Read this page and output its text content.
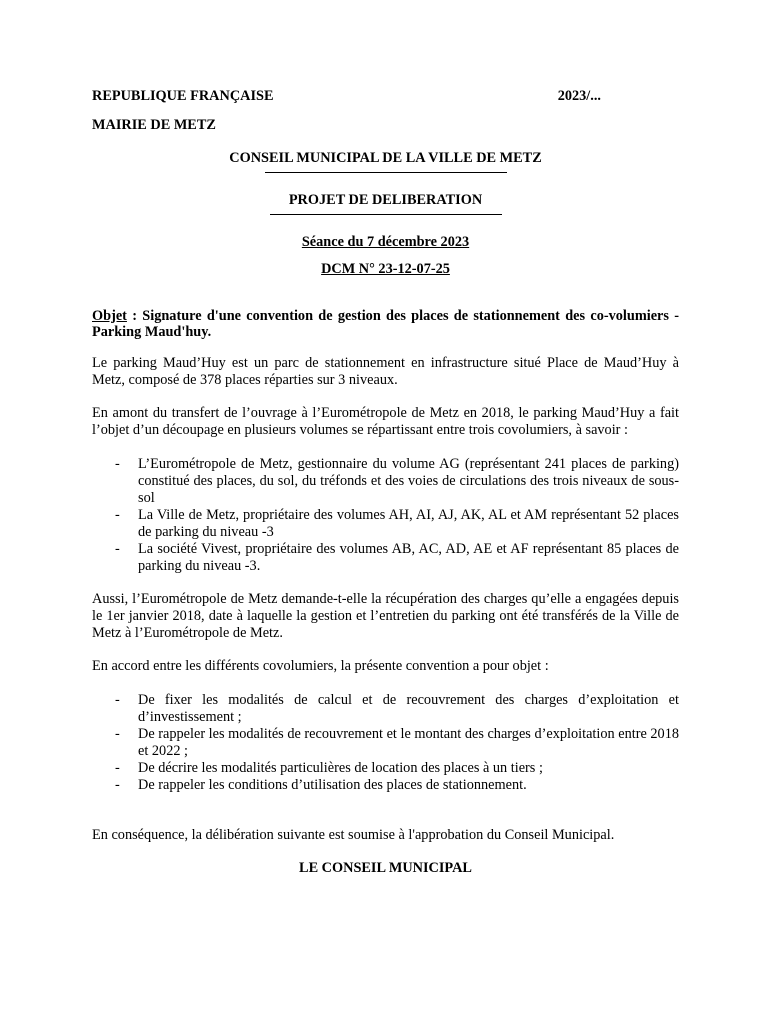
REPUBLIQUE FRANÇAISE	2023/...
MAIRIE DE METZ
CONSEIL MUNICIPAL DE LA VILLE DE METZ
PROJET DE DELIBERATION
Séance du 7 décembre 2023
DCM N° 23-12-07-25

Objet : Signature d'une convention de gestion des places de stationnement des co-volumiers - Parking Maud'huy.

Le parking Maud’Huy est un parc de stationnement en infrastructure situé Place de Maud’Huy à Metz, composé de 378 places réparties sur 3 niveaux.

En amont du transfert de l’ouvrage à l’Eurométropole de Metz en 2018, le parking Maud’Huy a fait l’objet d’un découpage en plusieurs volumes se répartissant entre trois covolumiers, à savoir :

- L’Eurométropole de Metz, gestionnaire du volume AG (représentant 241 places de parking) constitué des places, du sol, du tréfonds et des voies de circulations des trois niveaux de sous-sol
- La Ville de Metz, propriétaire des volumes AH, AI, AJ, AK, AL et AM représentant 52 places de parking du niveau -3
- La société Vivest, propriétaire des volumes AB, AC, AD, AE et AF représentant 85 places de parking du niveau -3.

Aussi, l’Eurométropole de Metz demande-t-elle la récupération des charges qu’elle a engagées depuis le 1er janvier 2018, date à laquelle la gestion et l’entretien du parking ont été transférés de la Ville de Metz à l’Eurométropole de Metz.

En accord entre les différents covolumiers, la présente convention a pour objet :

- De fixer les modalités de calcul et de recouvrement des charges d’exploitation et d’investissement ;
- De rappeler les modalités de recouvrement et le montant des charges d’exploitation entre 2018 et 2022 ;
- De décrire les modalités particulières de location des places à un tiers ;
- De rappeler les conditions d’utilisation des places de stationnement.

En conséquence, la délibération suivante est soumise à l'approbation du Conseil Municipal.

LE CONSEIL MUNICIPAL
